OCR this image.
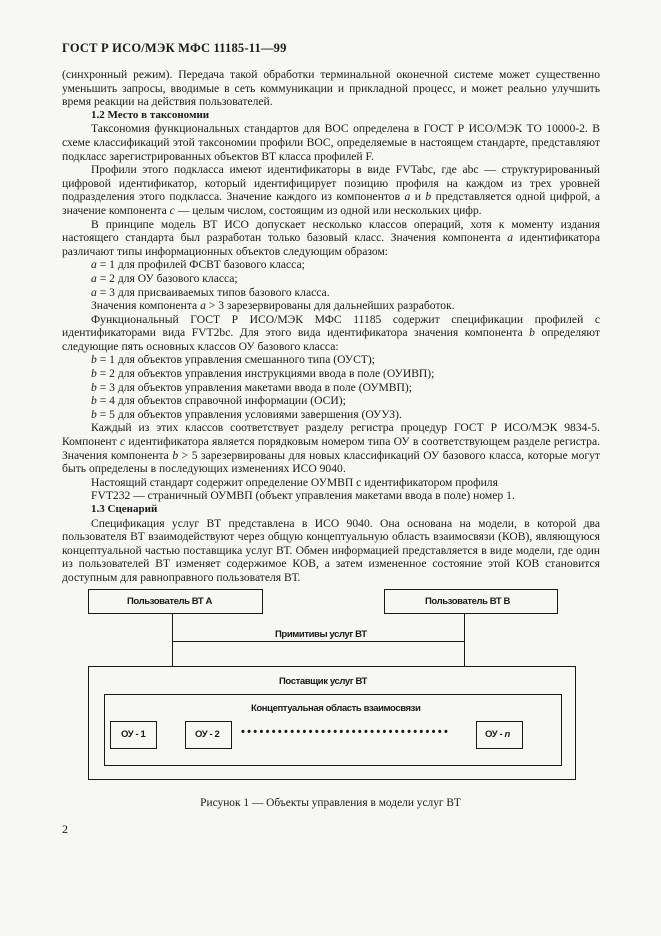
ГОСТ Р ИСО/МЭК МФС 11185-11—99

(синхронный режим). Передача такой обработки терминальной оконечной системе может существенно уменьшить запросы, вводимые в сеть коммуникации и прикладной процесс, и может реально улучшить время реакции на действия пользователей.

1.2 Место в таксономии

Таксономия функциональных стандартов для ВОС определена в ГОСТ Р ИСО/МЭК ТО 10000-2. В схеме классификаций этой таксономии профили ВОС, определяемые в настоящем стандарте, представляют подкласс зарегистрированных объектов ВТ класса профилей F.

Профили этого подкласса имеют идентификаторы в виде FVTabc, где abc — структурированный цифровой идентификатор, который идентифицирует позицию профиля на каждом из трех уровней подразделения этого подкласса. Значение каждого из компонентов a и b представляется одной цифрой, а значение компонента c — целым числом, состоящим из одной или нескольких цифр.

В принципе модель ВТ ИСО допускает несколько классов операций, хотя к моменту издания настоящего стандарта был разработан только базовый класс. Значения компонента a идентификатора различают типы информационных объектов следующим образом:

a = 1 для профилей ФСВТ базового класса;

a = 2 для ОУ базового класса;

a = 3 для присваиваемых типов базового класса.

Значения компонента a > 3 зарезервированы для дальнейших разработок.

Функциональный ГОСТ Р ИСО/МЭК МФС 11185 содержит спецификации профилей с идентификаторами вида FVT2bc. Для этого вида идентификатора значения компонента b определяют следующие пять основных классов ОУ базового класса:

b = 1 для объектов управления смешанного типа (ОУСТ);

b = 2 для объектов управления инструкциями ввода в поле (ОУИВП);

b = 3 для объектов управления макетами ввода в поле (ОУМВП);

b = 4 для объектов справочной информации (ОСИ);

b = 5 для объектов управления условиями завершения (ОУУЗ).

Каждый из этих классов соответствует разделу регистра процедур ГОСТ Р ИСО/МЭК 9834-5. Компонент c идентификатора является порядковым номером типа ОУ в соответствующем разделе регистра. Значения компонента b > 5 зарезервированы для новых классификаций ОУ базового класса, которые могут быть определены в последующих изменениях ИСО 9040.

Настоящий стандарт содержит определение ОУМВП с идентификатором профиля

FVT232 — страничный ОУМВП (объект управления макетами ввода в поле) номер 1.

1.3 Сценарий

Спецификация услуг ВТ представлена в ИСО 9040. Она основана на модели, в которой два пользователя ВТ взаимодействуют через общую концептуальную область взаимосвязи (КОВ), являющуюся концептуальной частью поставщика услуг ВТ. Обмен информацией представляется в виде модели, где один из пользователей ВТ изменяет содержимое КОВ, а затем измененное состояние этой КОВ становится доступным для равноправного пользователя ВТ.

Пользователь ВТ А	Пользователь ВТ В
Примитивы услуг ВТ
Поставщик услуг ВТ
Концептуальная область взаимосвязи
ОУ - 1	ОУ - 2 ••••••••••••••••••••••••••••••••••	ОУ - n
Рисунок 1 — Объекты управления в модели услуг ВТ
2
